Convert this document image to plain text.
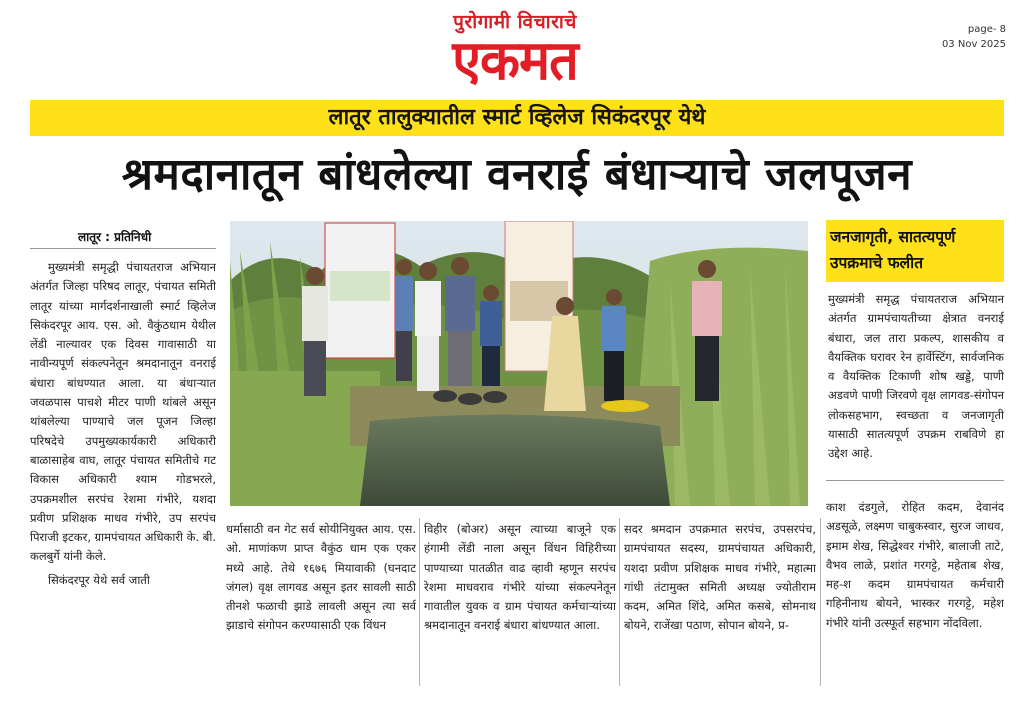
पुरोगामी विचाराचे
एकमत
page- 8
03 Nov 2025
लातूर तालुक्यातील स्मार्ट व्हिलेज सिकंदरपूर येथे
श्रमदानातून बांधलेल्या वनराई बंधाऱ्याचे जलपूजन
लातूर : प्रतिनिधी

मुख्यमंत्री समृद्धी पंचायतराज अभियान अंतर्गत जिल्हा परिषद लातूर, पंचायत समिती लातूर यांच्या मार्गदर्शनाखाली स्मार्ट व्हिलेज सिकंदरपूर आय. एस. ओ. वैकुंठधाम येथील लेंडी नाल्यावर एक दिवस गावासाठी या नावीन्यपूर्ण संकल्पनेतून श्रमदानातून वनराई बंधारा बांधण्यात आला. या बंधाऱ्यात जवळपास पाचशे मीटर पाणी थांबले असून थांबलेल्या पाण्याचे जल पूजन जिल्हा परिषदेचे उपमुख्यकार्यकारी अधिकारी बाळासाहेब वाघ, लातूर पंचायत समितीचे गट विकास अधिकारी श्याम गोडभरले, उपक्रमशील सरपंच रेशमा गंभीरे, यशदा प्रवीण प्रशिक्षक माधव गंभीरे, उप सरपंच पिराजी इटकर, ग्रामपंचायत अधिकारी के. बी. कलबुर्गे यांनी केले.

सिकंदरपूर येथे सर्व जाती

धर्मासाठी वन गेट सर्व सोयीनियुक्त आय. एस. ओ. माणांकण प्राप्त वैकुंठ धाम एक एकर मध्ये आहे. तेथे १६७६ मियावाकी (घनदाट जंगल) वृक्ष लागवड असून इतर सावली साठी तीनशे फळाची झाडे लावली असून त्या सर्व झाडाचे संगोपन करण्यासाठी एक विंधन
विहीर (बोअर) असून त्याच्या बाजूने एक हंगामी लेंडी नाला असून विंधन विहिरीच्या पाण्याच्या पातळीत वाढ व्हावी म्हणून सरपंच रेशमा माधवराव गंभीरे यांच्या संकल्पनेतून गावातील युवक व ग्राम पंचायत कर्मचाऱ्यांच्या श्रमदानातून वनराई बंधारा बांधण्यात आला.
सदर श्रमदान उपक्रमात सरपंच, उपसरपंच, ग्रामपंचायत सदस्य, ग्रामपंचायत अधिकारी, यशदा प्रवीण प्रशिक्षक माधव गंभीरे, महात्मा गांधी तंटामुक्त समिती अध्यक्ष ज्योतीराम कदम, अमित शिंदे, अमित कसबे, सोमनाथ बोयने, राजेंखा पठाण, सोपान बोयने, प्र-
काश दंडगुले, रोहित कदम, देवानंद अडसूळे, लक्ष्मण चाबुकस्वार, सुरज जाधव, इमाम शेख, सिद्धेश्वर गंभीरे, बालाजी ताटे, वैभव लाळे, प्रशांत गरगट्टे, महेताब शेख, मह-श कदम ग्रामपंचायत कर्मचारी गहिनीनाथ बोयने, भास्कर गरगट्टे, महेश गंभीरे यांनी उत्स्फूर्त सहभाग नोंदविला.
जनजागृती, सातत्यपूर्ण उपक्रमाचे फलीत
मुख्यमंत्री समृद्ध पंचायतराज अभियान अंतर्गत ग्रामपंचायतीच्या क्षेत्रात वनराई बंधारा, जल तारा प्रकल्प, शासकीय व वैयक्तिक घरावर रेन हार्वेस्टिंग, सार्वजनिक व वैयक्तिक टिकाणी शोष खड्डे, पाणी अडवणे पाणी जिरवणे वृक्ष लागवड-संगोपन लोकसहभाग, स्वच्छता व जनजागृती यासाठी सातत्यपूर्ण उपक्रम राबविणे हा उद्देश आहे.
